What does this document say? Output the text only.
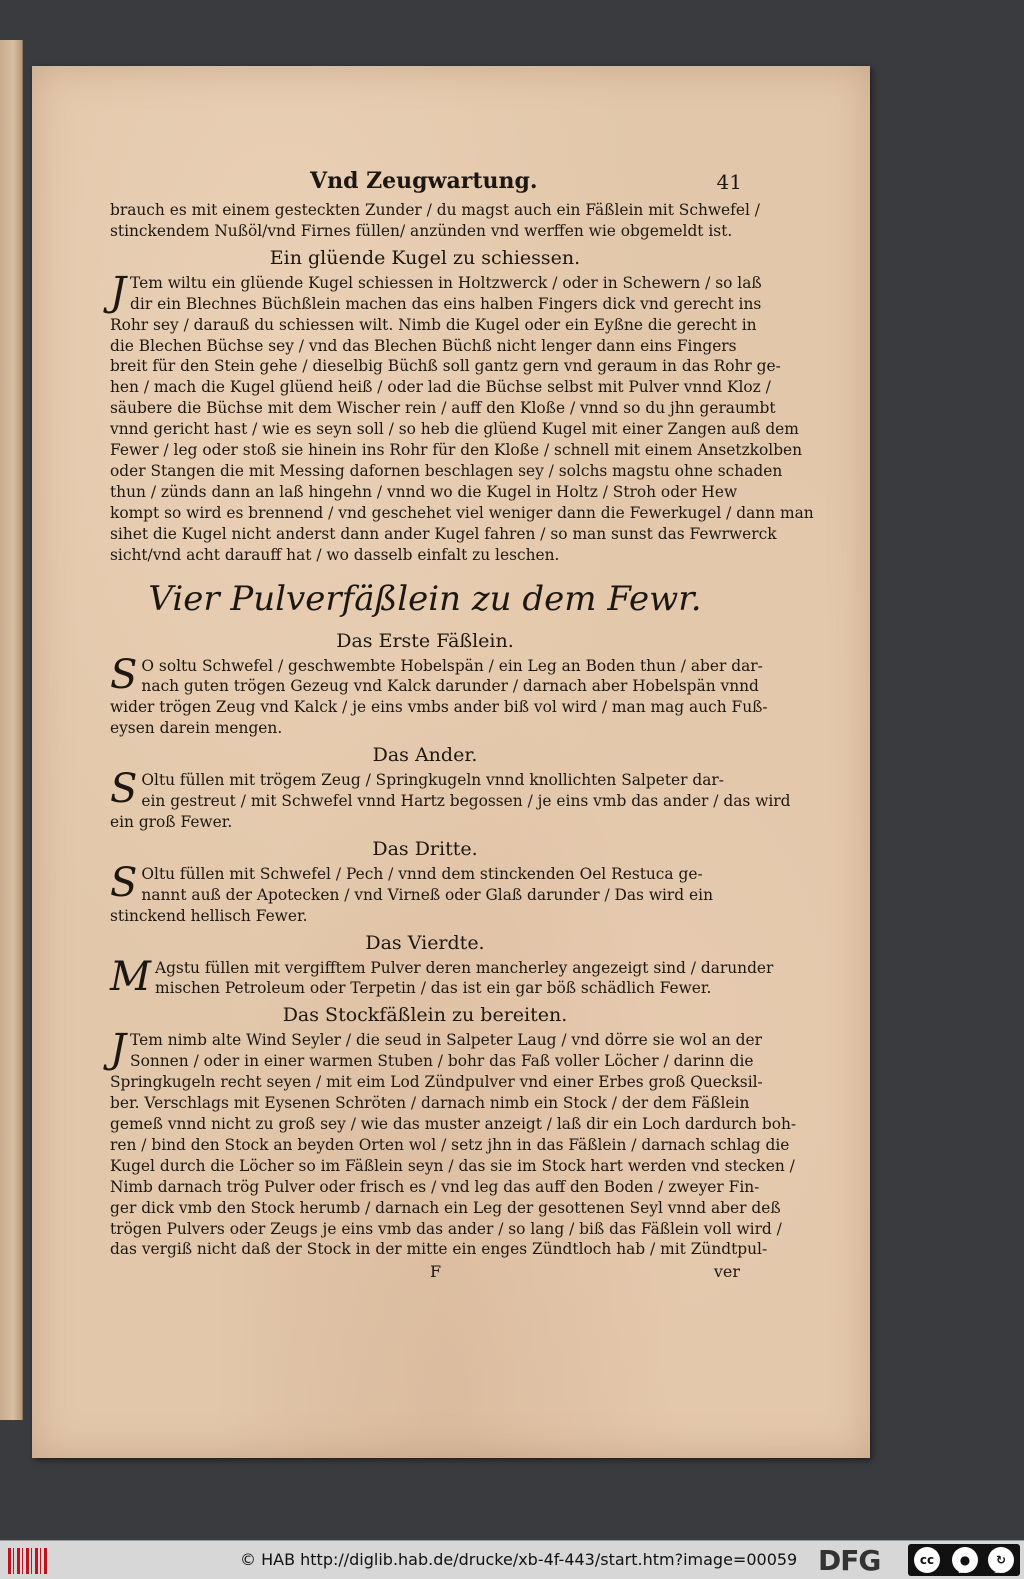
Vnd Zeugwartung.	41
brauch es mit einem gesteckten Zunder / du magst auch ein Fäßlein mit Schwefel /
stinckendem Nußöl/vnd Firnes füllen/ anzünden vnd werffen wie obgemeldt ist.
Ein glüende Kugel zu schiessen.
J Tem wiltu ein glüende Kugel schiessen in Holtzwerck / oder in Schewern / so laß
dir ein Blechnes Büchßlein machen das eins halben Fingers dick vnd gerecht ins
Rohr sey / darauß du schiessen wilt. Nimb die Kugel oder ein Eyßne die gerecht in
die Blechen Büchse sey / vnd das Blechen Büchß nicht lenger dann eins Fingers
breit für den Stein gehe / dieselbig Büchß soll gantz gern vnd geraum in das Rohr ge-
hen / mach die Kugel glüend heiß / oder lad die Büchse selbst mit Pulver vnnd Kloz /
säubere die Büchse mit dem Wischer rein / auff den Kloße / vnnd so du jhn geraumbt
vnnd gericht hast / wie es seyn soll / so heb die glüend Kugel mit einer Zangen auß dem
Fewer / leg oder stoß sie hinein ins Rohr für den Kloße / schnell mit einem Ansetzkolben
oder Stangen die mit Messing dafornen beschlagen sey / solchs magstu ohne schaden
thun / zünds dann an laß hingehn / vnnd wo die Kugel in Holtz / Stroh oder Hew
kompt so wird es brennend / vnd geschehet viel weniger dann die Fewerkugel / dann man
sihet die Kugel nicht anderst dann ander Kugel fahren / so man sunst das Fewrwerck
sicht/vnd acht darauff hat / wo dasselb einfalt zu leschen.
Vier Pulverfäßlein zu dem Fewr.
Das Erste Fäßlein.
S O soltu Schwefel / geschwembte Hobelspän / ein Leg an Boden thun / aber dar-
nach guten trögen Gezeug vnd Kalck darunder / darnach aber Hobelspän vnnd
wider trögen Zeug vnd Kalck / je eins vmbs ander biß vol wird / man mag auch Fuß-
eysen darein mengen.
Das Ander.
S Oltu füllen mit trögem Zeug / Springkugeln vnnd knollichten Salpeter dar-
ein gestreut / mit Schwefel vnnd Hartz begossen / je eins vmb das ander / das wird
ein groß Fewer.
Das Dritte.
S Oltu füllen mit Schwefel / Pech / vnnd dem stinckenden Oel Restuca ge-
nannt auß der Apotecken / vnd Virneß oder Glaß darunder / Das wird ein
stinckend hellisch Fewer.
Das Vierdte.
M Agstu füllen mit vergifftem Pulver deren mancherley angezeigt sind / darunder
mischen Petroleum oder Terpetin / das ist ein gar böß schädlich Fewer.
Das Stockfäßlein zu bereiten.
J Tem nimb alte Wind Seyler / die seud in Salpeter Laug / vnd dörre sie wol an der
Sonnen / oder in einer warmen Stuben / bohr das Faß voller Löcher / darinn die
Springkugeln recht seyen / mit eim Lod Zündpulver vnd einer Erbes groß Quecksil-
ber. Verschlags mit Eysenen Schröten / darnach nimb ein Stock / der dem Fäßlein
gemeß vnnd nicht zu groß sey / wie das muster anzeigt / laß dir ein Loch dardurch boh-
ren / bind den Stock an beyden Orten wol / setz jhn in das Fäßlein / darnach schlag die
Kugel durch die Löcher so im Fäßlein seyn / das sie im Stock hart werden vnd stecken /
Nimb darnach trög Pulver oder frisch es / vnd leg das auff den Boden / zweyer Fin-
ger dick vmb den Stock herumb / darnach ein Leg der gesottenen Seyl vnnd aber deß
trögen Pulvers oder Zeugs je eins vmb das ander / so lang / biß das Fäßlein voll wird /
das vergiß nicht daß der Stock in der mitte ein enges Zündtloch hab / mit Zündtpul-
F	ver
© HAB http://diglib.hab.de/drucke/xb-4f-443/start.htm?image=00059 DFG	cc	●	↻
BY	SA
